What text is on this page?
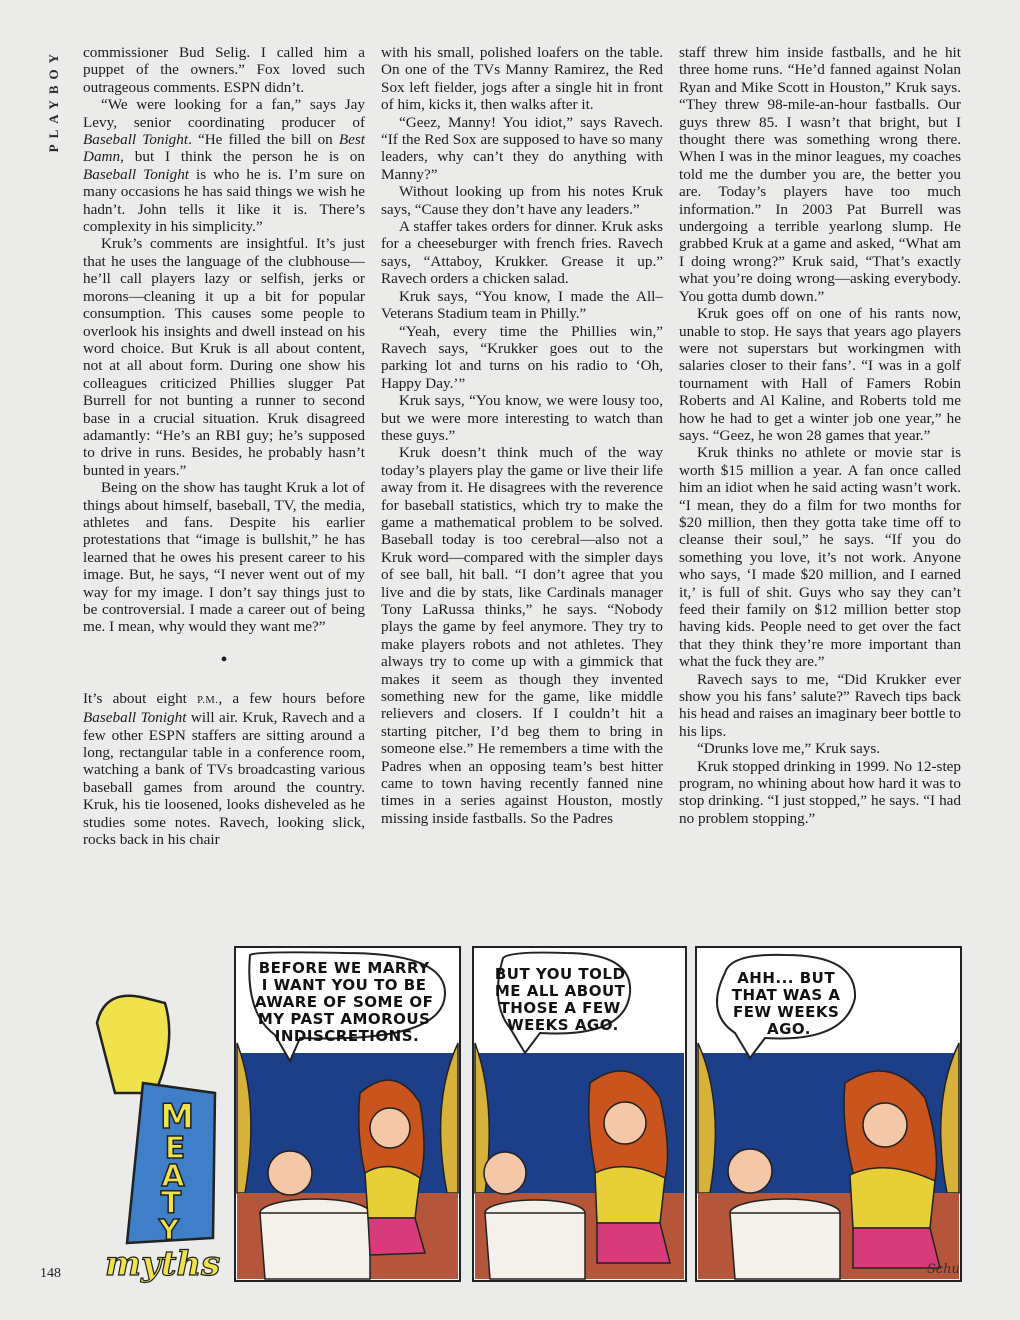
PLAYBOY	commissioner Bud Selig. I called him a puppet of the owners.” Fox loved such outrageous comments. ESPN didn’t.

“We were looking for a fan,” says Jay Levy, senior coordinating producer of Baseball Tonight. “He filled the bill on Best Damn, but I think the person he is on Baseball Tonight is who he is. I’m sure on many occasions he has said things we wish he hadn’t. John tells it like it is. There’s complexity in his simplicity.”

Kruk’s comments are insightful. It’s just that he uses the language of the clubhouse—he’ll call players lazy or selfish, jerks or morons—cleaning it up a bit for popular consumption. This causes some people to overlook his insights and dwell instead on his word choice. But Kruk is all about content, not at all about form. During one show his colleagues criticized Phillies slugger Pat Burrell for not bunting a runner to second base in a crucial situation. Kruk disagreed adamantly: “He’s an RBI guy; he’s supposed to drive in runs. Besides, he probably hasn’t bunted in years.”

Being on the show has taught Kruk a lot of things about himself, baseball, TV, the media, athletes and fans. Despite his earlier protestations that “image is bullshit,” he has learned that he owes his present career to his image. But, he says, “I never went out of my way for my image. I don’t say things just to be controversial. I made a career out of being me. I mean, why would they want me?”

•

It’s about eight P.M., a few hours before Baseball Tonight will air. Kruk, Ravech and a few other ESPN staffers are sitting around a long, rectangular table in a conference room, watching a bank of TVs broadcasting various baseball games from around the country. Kruk, his tie loosened, looks disheveled as he studies some notes. Ravech, looking slick, rocks back in his chair

with his small, polished loafers on the table. On one of the TVs Manny Ramirez, the Red Sox left fielder, jogs after a single hit in front of him, kicks it, then walks after it.

“Geez, Manny! You idiot,” says Ravech. “If the Red Sox are supposed to have so many leaders, why can’t they do anything with Manny?”

Without looking up from his notes Kruk says, “Cause they don’t have any leaders.”

A staffer takes orders for dinner. Kruk asks for a cheeseburger with french fries. Ravech says, “Attaboy, Krukker. Grease it up.” Ravech orders a chicken salad.

Kruk says, “You know, I made the All–Veterans Stadium team in Philly.”

“Yeah, every time the Phillies win,” Ravech says, “Krukker goes out to the parking lot and turns on his radio to ‘Oh, Happy Day.’”

Kruk says, “You know, we were lousy too, but we were more interesting to watch than these guys.”

Kruk doesn’t think much of the way today’s players play the game or live their life away from it. He disagrees with the reverence for baseball statistics, which try to make the game a mathematical problem to be solved. Baseball today is too cerebral—also not a Kruk word—compared with the simpler days of see ball, hit ball. “I don’t agree that you live and die by stats, like Cardinals manager Tony LaRussa thinks,” he says. “Nobody plays the game by feel anymore. They try to make players robots and not athletes. They always try to come up with a gimmick that makes it seem as though they invented something new for the game, like middle relievers and closers. If I couldn’t hit a starting pitcher, I’d beg them to bring in someone else.” He remembers a time with the Padres when an opposing team’s best hitter came to town having recently fanned nine times in a series against Houston, mostly missing inside fastballs. So the Padres

staff threw him inside fastballs, and he hit three home runs. “He’d fanned against Nolan Ryan and Mike Scott in Houston,” Kruk says. “They threw 98-mile-an-hour fastballs. Our guys threw 85. I wasn’t that bright, but I thought there was something wrong there. When I was in the minor leagues, my coaches told me the dumber you are, the better you are. Today’s players have too much information.” In 2003 Pat Burrell was undergoing a terrible yearlong slump. He grabbed Kruk at a game and asked, “What am I doing wrong?” Kruk said, “That’s exactly what you’re doing wrong—asking everybody. You gotta dumb down.”

Kruk goes off on one of his rants now, unable to stop. He says that years ago players were not superstars but workingmen with salaries closer to their fans’. “I was in a golf tournament with Hall of Famers Robin Roberts and Al Kaline, and Roberts told me how he had to get a winter job one year,” he says. “Geez, he won 28 games that year.”

Kruk thinks no athlete or movie star is worth $15 million a year. A fan once called him an idiot when he said acting wasn’t work. “I mean, they do a film for two months for $20 million, then they gotta take time off to cleanse their soul,” he says. “If you do something you love, it’s not work. Anyone who says, ‘I made $20 million, and I earned it,’ is full of shit. Guys who say they can’t feed their family on $12 million better stop having kids. People need to get over the fact that they think they’re more important than what the fuck they are.”

Ravech says to me, “Did Krukker ever show you his fans’ salute?” Ravech tips back his head and raises an imaginary beer bottle to his lips.

“Drunks love me,” Kruk says.

Kruk stopped drinking in 1999. No 12-step program, no whining about how hard it was to stop drinking. “I just stopped,” he says. “I had no problem stopping.”

M
E
A
T
Y
myths
BEFORE WE MARRY I WANT YOU TO BE AWARE OF SOME OF MY PAST AMOROUS INDISCRETIONS.
BUT YOU TOLD ME ALL ABOUT THOSE A FEW WEEKS AGO.
AHH... BUT THAT WAS A FEW WEEKS AGO.
Schu
148
